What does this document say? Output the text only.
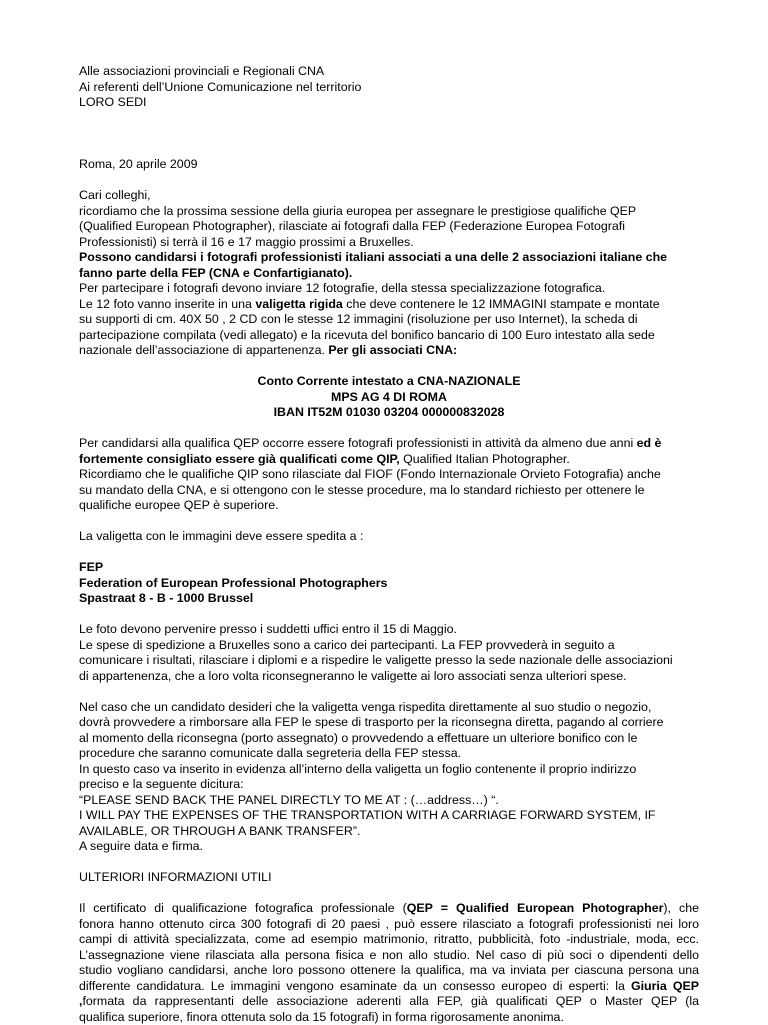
Alle associazioni provinciali e Regionali CNA
Ai referenti dell’Unione Comunicazione nel territorio
LORO SEDI
Roma, 20 aprile 2009
Cari colleghi,
ricordiamo che la prossima sessione della giuria europea per assegnare le prestigiose qualifiche QEP
(Qualified European Photographer), rilasciate ai fotografi dalla FEP (Federazione Europea Fotografi
Professionisti) si terrà il 16 e 17 maggio prossimi a Bruxelles.
Possono candidarsi i fotografi professionisti italiani associati a una delle 2 associazioni italiane che
fanno parte della FEP (CNA e Confartigianato).
Per partecipare i fotografi devono inviare 12 fotografie, della stessa specializzazione fotografica.
Le 12 foto vanno inserite in una valigetta rigida che deve contenere le 12 IMMAGINI stampate e montate
su supporti di cm. 40X 50 , 2 CD con le stesse 12 immagini (risoluzione per uso Internet), la scheda di
partecipazione compilata (vedi allegato) e la ricevuta del bonifico bancario di 100 Euro intestato alla sede
nazionale dell’associazione di appartenenza. Per gli associati CNA:
Conto Corrente intestato a CNA-NAZIONALE
MPS AG 4 DI ROMA
IBAN IT52M 01030 03204 000000832028
Per candidarsi alla qualifica QEP occorre essere fotografi professionisti in attività da almeno due anni ed è
fortemente consigliato essere già qualificati come QIP, Qualified Italian Photographer.
Ricordiamo che le qualifiche QIP sono rilasciate dal FIOF (Fondo Internazionale Orvieto Fotografia) anche
su mandato della CNA, e si ottengono con le stesse procedure, ma lo standard richiesto per ottenere le
qualifiche europee QEP è superiore.
La valigetta con le immagini deve essere spedita a :
FEP
Federation of European Professional Photographers
Spastraat 8 - B - 1000 Brussel
Le foto devono pervenire presso i suddetti uffici entro il 15 di Maggio.
Le spese di spedizione a Bruxelles sono a carico dei partecipanti. La FEP provvederà in seguito a
comunicare i risultati, rilasciare i diplomi e a rispedire le valigette presso la sede nazionale delle associazioni
di appartenenza, che a loro volta riconsegneranno le valigette ai loro associati senza ulteriori spese.
Nel caso che un candidato desideri che la valigetta venga rispedita direttamente al suo studio o negozio,
dovrà provvedere a rimborsare alla FEP le spese di trasporto per la riconsegna diretta, pagando al corriere
al momento della riconsegna (porto assegnato) o provvedendo a effettuare un ulteriore bonifico con le
procedure che saranno comunicate dalla segreteria della FEP stessa.
In questo caso va inserito in evidenza all’interno della valigetta un foglio contenente il proprio indirizzo
preciso e la seguente dicitura:
“PLEASE SEND BACK THE PANEL DIRECTLY TO ME AT : (…address…) “.
I WILL PAY THE EXPENSES OF THE TRANSPORTATION WITH A CARRIAGE FORWARD SYSTEM, IF
AVAILABLE, OR THROUGH A BANK TRANSFER”.
A seguire data e firma.
ULTERIORI INFORMAZIONI UTILI
Il certificato di qualificazione fotografica professionale (QEP = Qualified European Photographer), che
fonora hanno ottenuto circa 300 fotografi di 20 paesi , può essere rilasciato a fotografi professionisti nei loro
campi di attività specializzata, come ad esempio matrimonio, ritratto, pubblicità, foto -industriale, moda, ecc.
L’assegnazione viene rilasciata alla persona fisica e non allo studio. Nel caso di più soci o dipendenti dello
studio vogliano candidarsi, anche loro possono ottenere la qualifica, ma va inviata per ciascuna persona una
differente candidatura. Le immagini vengono esaminate da un consesso europeo di esperti: la Giuria QEP
,formata da rappresentanti delle associazione aderenti alla FEP, già qualificati QEP o Master QEP (la
qualifica superiore, finora ottenuta solo da 15 fotografi) in forma rigorosamente anonima.
